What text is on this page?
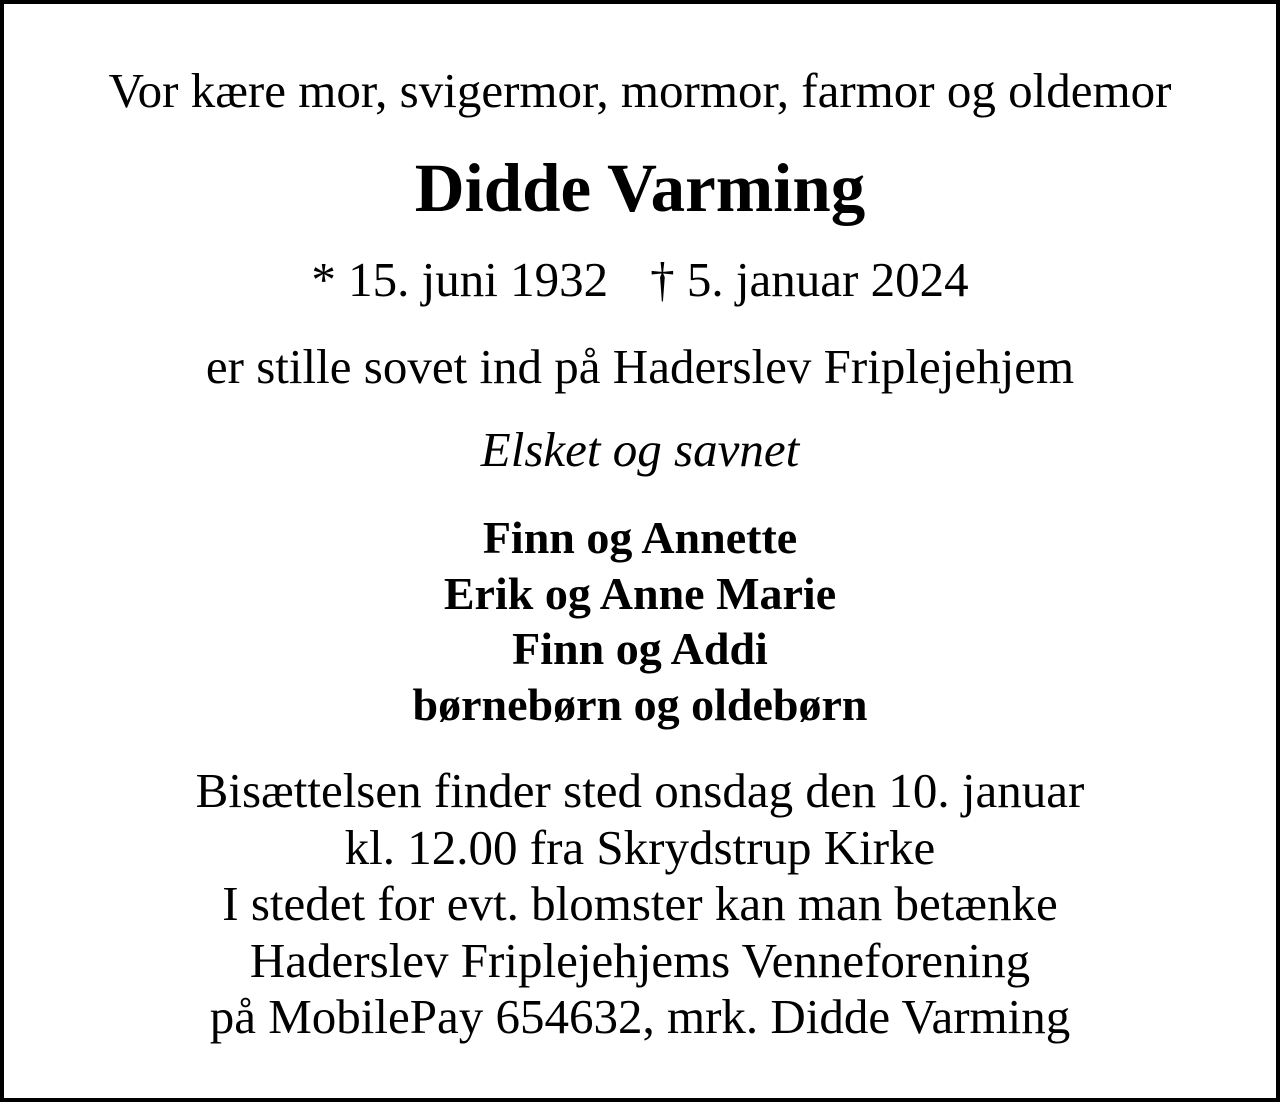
Vor kære mor, svigermor, mormor, farmor og oldemor
Didde Varming
* 15. juni 1932 † 5. januar 2024
er stille sovet ind på Haderslev Friplejehjem
Elsket og savnet
Finn og Annette
Erik og Anne Marie
Finn og Addi
børnebørn og oldebørn
Bisættelsen finder sted onsdag den 10. januar
kl. 12.00 fra Skrydstrup Kirke
I stedet for evt. blomster kan man betænke
Haderslev Friplejehjems Venneforening
på MobilePay 654632, mrk. Didde Varming
